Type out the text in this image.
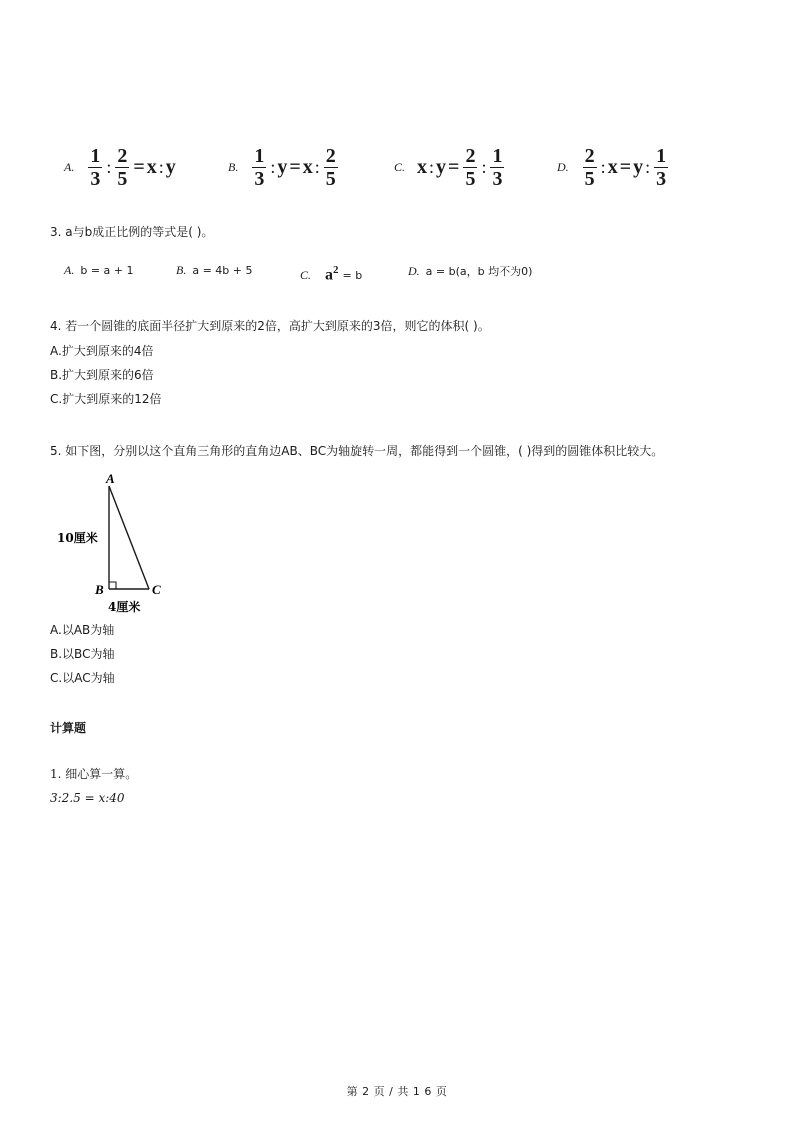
A. $\frac{1}{3}$ : $\frac{2}{5} = x$ : y	B. $\frac{1}{3}$ : y = x : $\frac{2}{5}$	C. x : $y = \frac{2}{5}$ : $\frac{1}{3}$	D. $\frac{2}{5}$ : x = y : $\frac{1}{3}$
3. a与b成正比例的等式是( )。
A. b = a + 1	B. a = 4b + 5	C. $a^2 = b$	D. a = b(a，b 均不为0)
4. 若一个圆锥的底面半径扩大到原来的2倍，高扩大到原来的3倍，则它的体积( )。
A.扩大到原来的4倍
B.扩大到原来的6倍
C.扩大到原来的12倍
5. 如下图，分别以这个直角三角形的直角边AB、BC为轴旋转一周，都能得到一个圆锥，( )得到的圆锥体积比较大。
A
B	C
10厘米
4厘米
A.以AB为轴
B.以BC为轴
C.以AC为轴
计算题
1. 细心算一算。
3:2.5 = x:40
第 2 页 / 共 1 6 页
